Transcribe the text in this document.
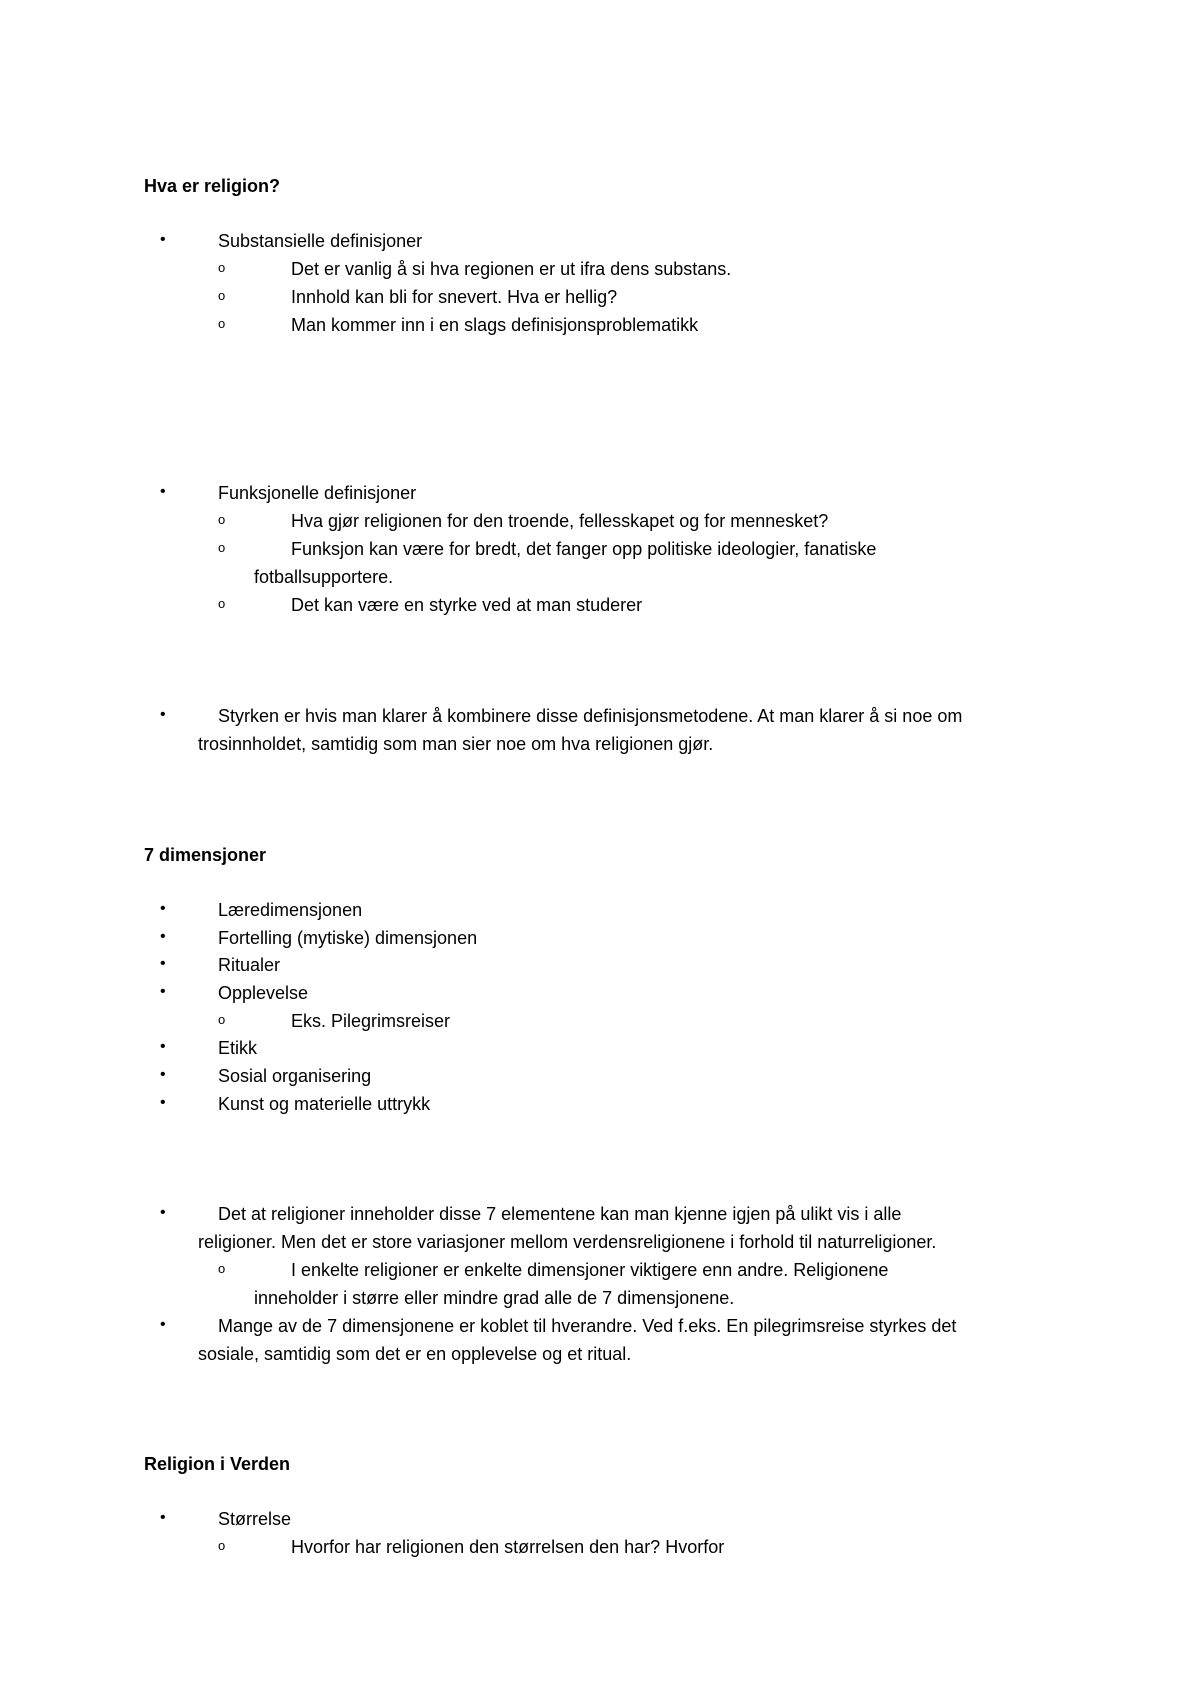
Hva er religion?
•	Substansielle definisjoner
o	Det er vanlig å si hva regionen er ut ifra dens substans.
o	Innhold kan bli for snevert. Hva er hellig?
o	Man kommer inn i en slags definisjonsproblematikk
•	Funksjonelle definisjoner
o	Hva gjør religionen for den troende, fellesskapet og for mennesket?
o	Funksjon kan være for bredt, det fanger opp politiske ideologier, fanatiske
fotballsupportere.
o	Det kan være en styrke ved at man studerer
•	Styrken er hvis man klarer å kombinere disse definisjonsmetodene. At man klarer å si noe om
trosinnholdet, samtidig som man sier noe om hva religionen gjør.
7 dimensjoner
•	Læredimensjonen
•	Fortelling (mytiske) dimensjonen
•	Ritualer
•	Opplevelse
o	Eks. Pilegrimsreiser
•	Etikk
•	Sosial organisering
•	Kunst og materielle uttrykk
•	Det at religioner inneholder disse 7 elementene kan man kjenne igjen på ulikt vis i alle
religioner. Men det er store variasjoner mellom verdensreligionene i forhold til naturreligioner.
o	I enkelte religioner er enkelte dimensjoner viktigere enn andre. Religionene
inneholder i større eller mindre grad alle de 7 dimensjonene.
•	Mange av de 7 dimensjonene er koblet til hverandre. Ved f.eks. En pilegrimsreise styrkes det
sosiale, samtidig som det er en opplevelse og et ritual.
Religion i Verden
•	Størrelse
o	Hvorfor har religionen den størrelsen den har? Hvorfor
